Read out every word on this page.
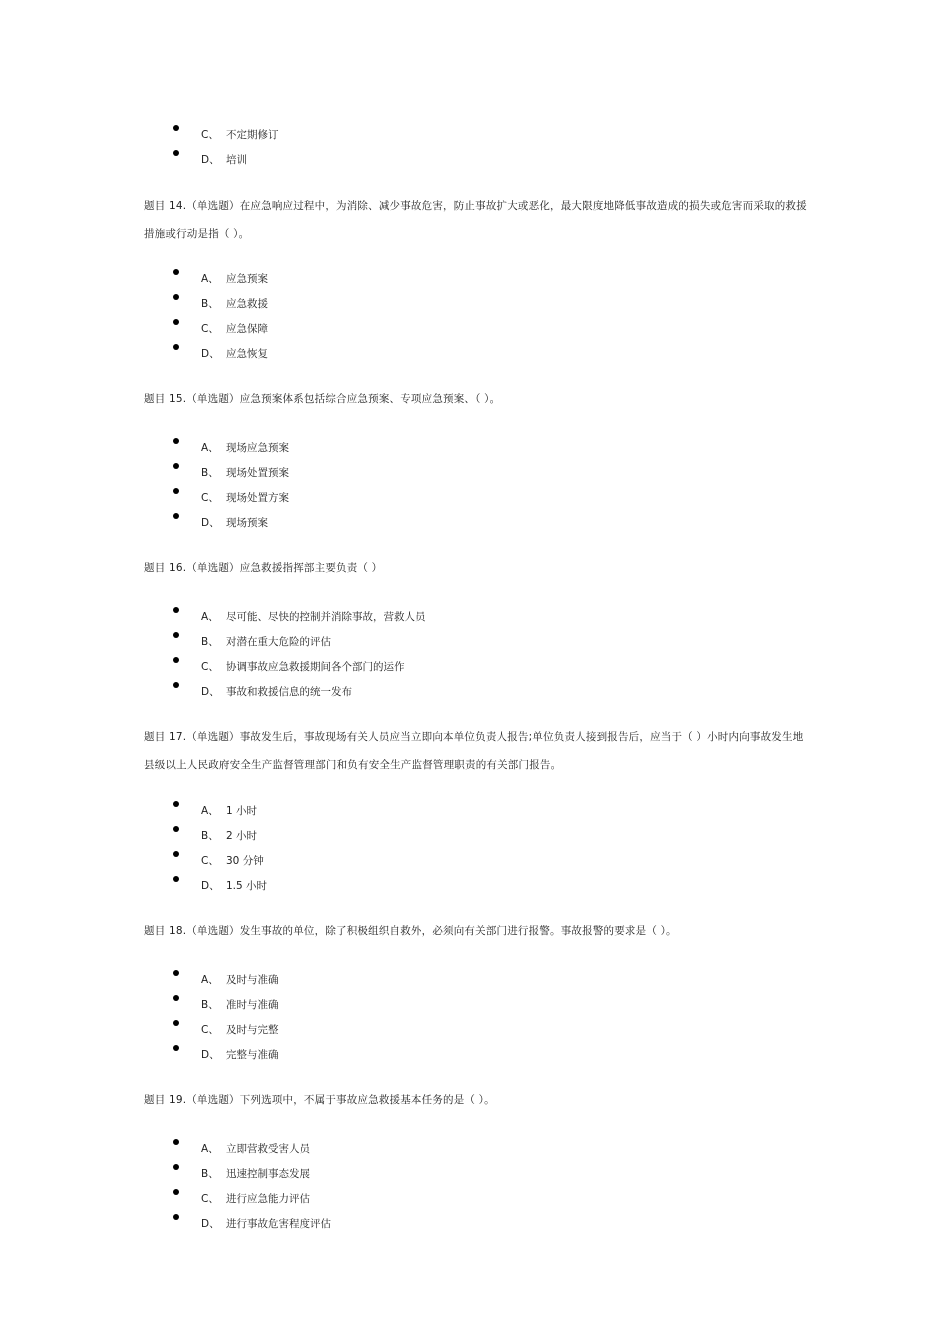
C、 不定期修订
D、 培训
题目 14.（单选题）在应急响应过程中，为消除、减少事故危害，防止事故扩大或恶化，最大限度地降低事故造成的损失或危害而采取的救援措施或行动是指（ ）。
A、 应急预案
B、 应急救援
C、 应急保障
D、 应急恢复
题目 15.（单选题）应急预案体系包括综合应急预案、专项应急预案、（ ）。
A、 现场应急预案
B、 现场处置预案
C、 现场处置方案
D、 现场预案
题目 16.（单选题）应急救援指挥部主要负责（ ）
A、 尽可能、尽快的控制并消除事故，营救人员
B、 对潜在重大危险的评估
C、 协调事故应急救援期间各个部门的运作
D、 事故和救援信息的统一发布
题目 17.（单选题）事故发生后，事故现场有关人员应当立即向本单位负责人报告;单位负责人接到报告后，应当于（ ）小时内向事故发生地县级以上人民政府安全生产监督管理部门和负有安全生产监督管理职责的有关部门报告。
A、 1 小时
B、 2 小时
C、 30 分钟
D、 1.5 小时
题目 18.（单选题）发生事故的单位，除了积极组织自救外，必须向有关部门进行报警。事故报警的要求是（ ）。
A、 及时与准确
B、 准时与准确
C、 及时与完整
D、 完整与准确
题目 19.（单选题）下列选项中，不属于事故应急救援基本任务的是（ ）。
A、 立即营救受害人员
B、 迅速控制事态发展
C、 进行应急能力评估
D、 进行事故危害程度评估
